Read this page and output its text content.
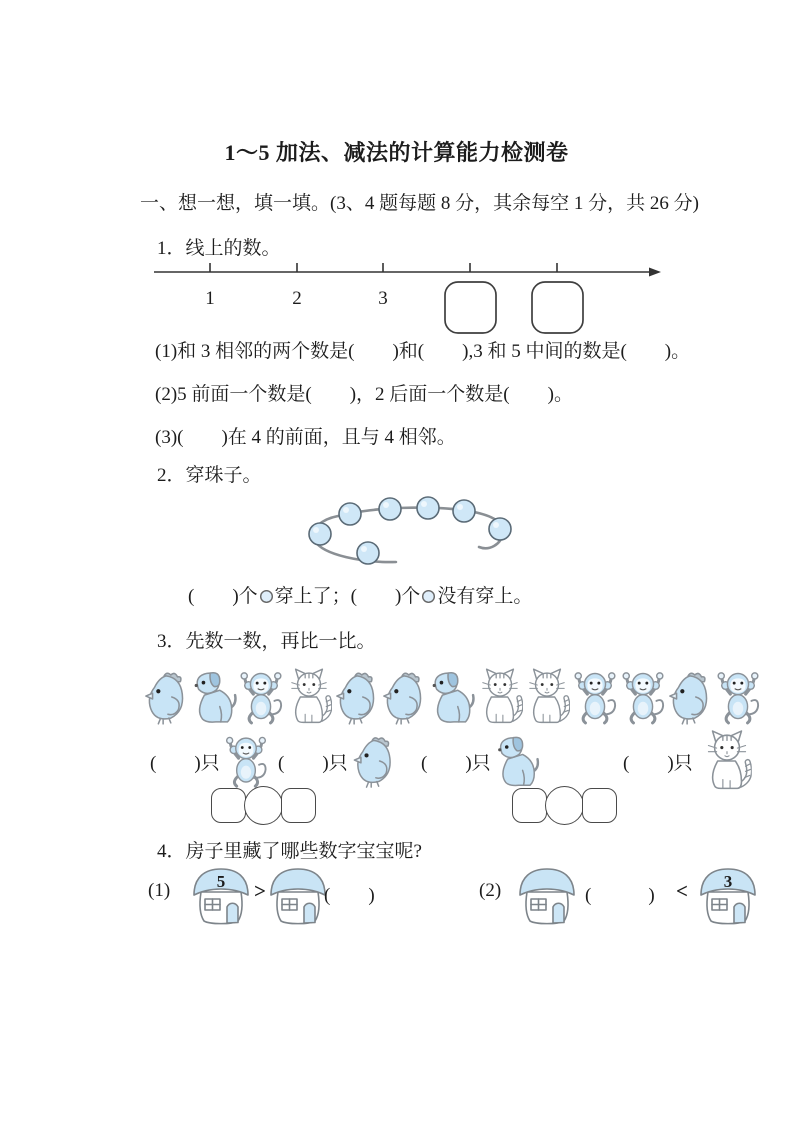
1～5 加法、减法的计算能力检测卷
一、想一想，填一填。(3、4 题每题 8 分，其余每空 1 分，共 26 分)
1．线上的数。
1	2	3
(1)和 3 相邻的两个数是(　　)和(　　),3 和 5 中间的数是(　　)。
(2)5 前面一个数是(　　)，2 后面一个数是(　　)。
(3)(　　)在 4 的前面，且与 4 相邻。
2．穿珠子。
(　　)个 穿上了；(　　)个 没有穿上。
3．先数一数，再比一比。
(　　)只	(　　)只	(　　)只	(　　)只
4．房子里藏了哪些数字宝宝呢?
(1)	5 >	(　　)	(2)	(　　　) < 3
